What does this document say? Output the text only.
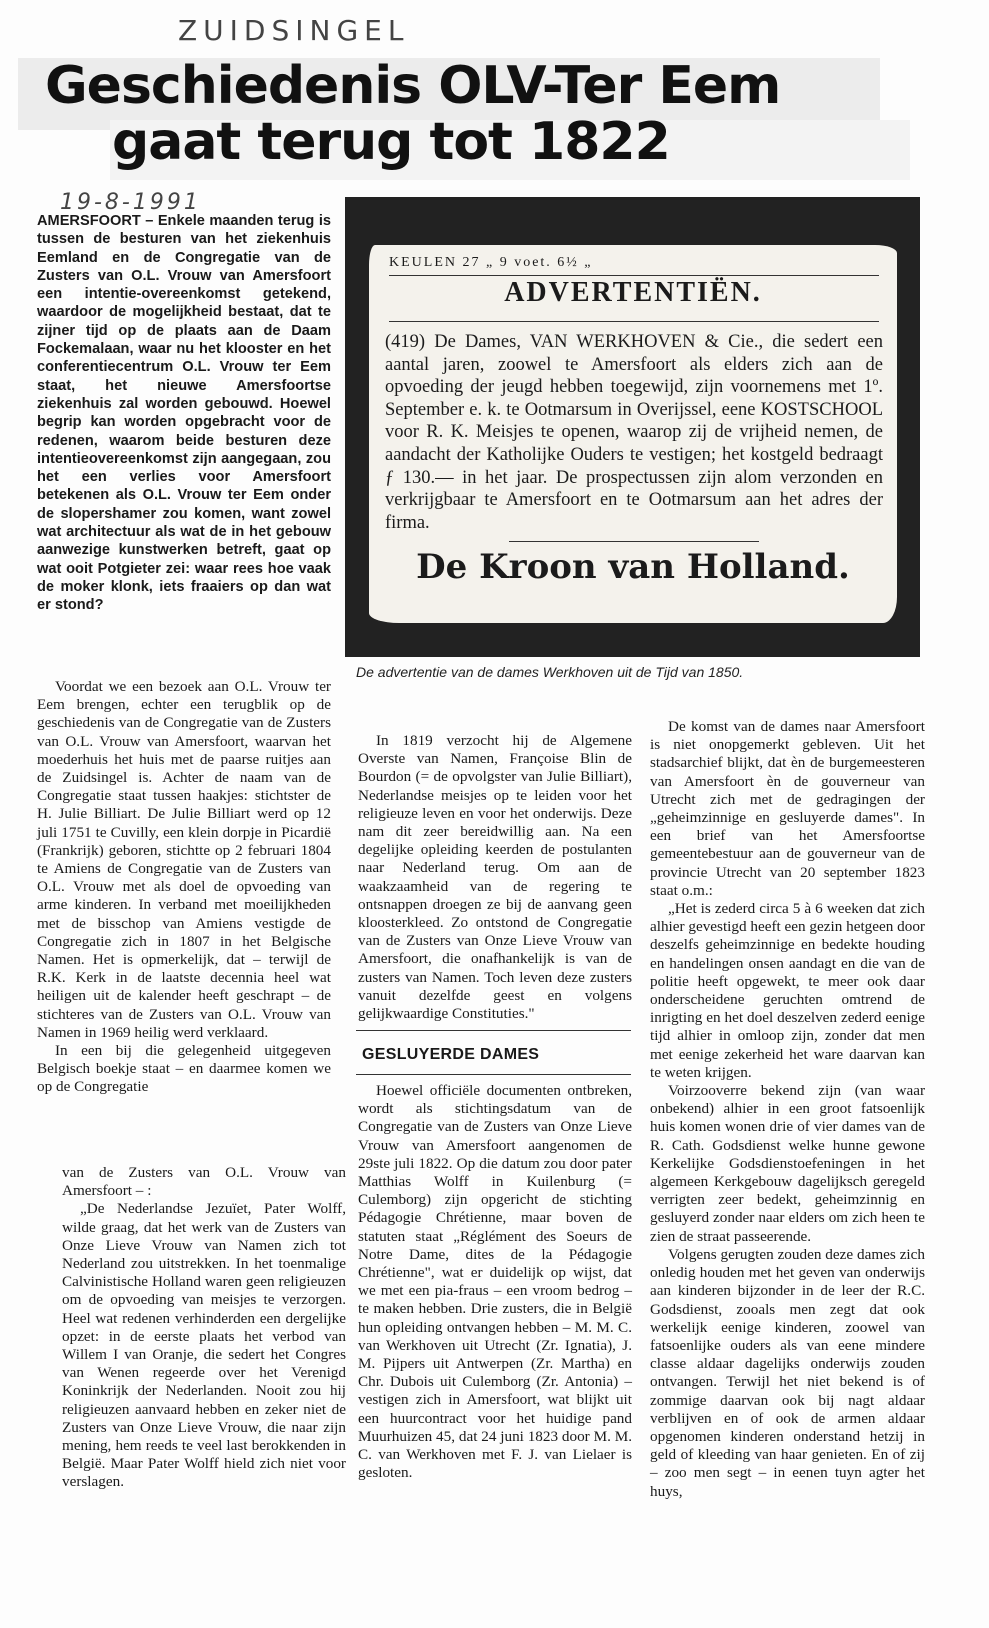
ZUIDSINGEL
Geschiedenis OLV-Ter Eem
gaat terug tot 1822
19-8-1991

AMERSFOORT – Enkele maanden terug is tussen de besturen van het ziekenhuis Eemland en de Congregatie van de Zusters van O.L. Vrouw van Amersfoort een intentie-overeenkomst getekend, waardoor de mogelijkheid bestaat, dat te zijner tijd op de plaats aan de Daam Fockemalaan, waar nu het klooster en het conferentiecentrum O.L. Vrouw ter Eem staat, het nieuwe Amersfoortse ziekenhuis zal worden gebouwd. Hoewel begrip kan worden opgebracht voor de redenen, waarom beide besturen deze intentieovereenkomst zijn aangegaan, zou het een verlies voor Amersfoort betekenen als O.L. Vrouw ter Eem onder de slopershamer zou komen, want zowel wat architectuur als wat de in het gebouw aanwezige kunstwerken betreft, gaat op wat ooit Potgieter zei: waar rees hoe vaak de moker klonk, iets fraaiers op dan wat er stond?

Voordat we een bezoek aan O.L. Vrouw ter Eem brengen, echter een terugblik op de geschiedenis van de Congregatie van de Zusters van O.L. Vrouw van Amersfoort, waarvan het moederhuis het huis met de paarse ruitjes aan de Zuidsingel is. Achter de naam van de Congregatie staat tussen haakjes: stichtster de H. Julie Billiart. De Julie Billiart werd op 12 juli 1751 te Cuvilly, een klein dorpje in Picardië (Frankrijk) geboren, stichtte op 2 februari 1804 te Amiens de Congregatie van de Zusters van O.L. Vrouw met als doel de opvoeding van arme kinderen. In verband met moeilijkheden met de bisschop van Amiens vestigde de Congregatie zich in 1807 in het Belgische Namen. Het is opmerkelijk, dat – terwijl de R.K. Kerk in de laatste decennia heel wat heiligen uit de kalender heeft geschrapt – de stichteres van de Zusters van O.L. Vrouw van Namen in 1969 heilig werd verklaard.

In een bij die gelegenheid uitgegeven Belgisch boekje staat – en daarmee komen we op de Congregatie

van de Zusters van O.L. Vrouw van Amersfoort – :

„De Nederlandse Jezuïet, Pater Wolff, wilde graag, dat het werk van de Zusters van Onze Lieve Vrouw van Namen zich tot Nederland zou uitstrekken. In het toenmalige Calvinistische Holland waren geen religieuzen om de opvoeding van meisjes te verzorgen. Heel wat redenen verhinderden een dergelijke opzet: in de eerste plaats het verbod van Willem I van Oranje, die sedert het Congres van Wenen regeerde over het Verenigd Koninkrijk der Nederlanden. Nooit zou hij religieuzen aanvaard hebben en zeker niet de Zusters van Onze Lieve Vrouw, die naar zijn mening, hem reeds te veel last berokkenden in België. Maar Pater Wolff hield zich niet voor verslagen.

KEULEN 27 „ 9 voet. 6½ „
ADVERTENTIËN.
(419) De Dames, VAN WERKHOVEN & Cie., die sedert een aantal jaren, zoowel te Amersfoort als elders zich aan de opvoeding der jeugd hebben toegewijd, zijn voornemens met 1º. September e. k. te Ootmarsum in Overijssel, eene KOSTSCHOOL voor R. K. Meisjes te openen, waarop zij de vrijheid nemen, de aandacht der Katholijke Ouders te vestigen; het kostgeld bedraagt ƒ 130.— in het jaar. De prospectussen zijn alom verzonden en verkrijgbaar te Amersfoort en te Ootmarsum aan het adres der firma.
De Kroon van Holland.
De advertentie van de dames Werkhoven uit de Tijd van 1850.

In 1819 verzocht hij de Algemene Overste van Namen, Françoise Blin de Bourdon (= de opvolgster van Julie Billiart), Nederlandse meisjes op te leiden voor het religieuze leven en voor het onderwijs. Deze nam dit zeer bereidwillig aan. Na een degelijke opleiding keerden de postulanten naar Nederland terug. Om aan de waakzaamheid van de regering te ontsnappen droegen ze bij de aanvang geen kloosterkleed. Zo ontstond de Congregatie van de Zusters van Onze Lieve Vrouw van Amersfoort, die onafhankelijk is van de zusters van Namen. Toch leven deze zusters vanuit dezelfde geest en volgens gelijkwaardige Constituties."

GESLUYERDE DAMES

Hoewel officiële documenten ontbreken, wordt als stichtingsdatum van de Congregatie van de Zusters van Onze Lieve Vrouw van Amersfoort aangenomen de 29ste juli 1822. Op die datum zou door pater Matthias Wolff in Kuilenburg (= Culemborg) zijn opgericht de stichting Pédagogie Chrétienne, maar boven de statuten staat „Réglément des Soeurs de Notre Dame, dites de la Pédagogie Chrétienne", wat er duidelijk op wijst, dat we met een pia-fraus – een vroom bedrog – te maken hebben. Drie zusters, die in België hun opleiding ontvangen hebben – M. M. C. van Werkhoven uit Utrecht (Zr. Ignatia), J. M. Pijpers uit Antwerpen (Zr. Martha) en Chr. Dubois uit Culemborg (Zr. Antonia) – vestigen zich in Amersfoort, wat blijkt uit een huurcontract voor het huidige pand Muurhuizen 45, dat 24 juni 1823 door M. M. C. van Werkhoven met F. J. van Lielaer is gesloten.

De komst van de dames naar Amersfoort is niet onopgemerkt gebleven. Uit het stadsarchief blijkt, dat èn de burgemeesteren van Amersfoort èn de gouverneur van Utrecht zich met de gedragingen der „geheimzinnige en gesluyerde dames". In een brief van het Amersfoortse gemeentebestuur aan de gouverneur van de provincie Utrecht van 20 september 1823 staat o.m.:

„Het is zederd circa 5 à 6 weeken dat zich alhier gevestigd heeft een gezin hetgeen door deszelfs geheimzinnige en bedekte houding en handelingen onsen aandagt en die van de politie heeft opgewekt, te meer ook daar onderscheidene geruchten omtrend de inrigting en het doel deszelven zederd eenige tijd alhier in omloop zijn, zonder dat men met eenige zekerheid het ware daarvan kan te weten krijgen.

Voirzooverre bekend zijn (van waar onbekend) alhier in een groot fatsoenlijk huis komen wonen drie of vier dames van de R. Cath. Godsdienst welke hunne gewone Kerkelijke Godsdienstoefeningen in het algemeen Kerkgebouw dagelijksch geregeld verrigten zeer bedekt, geheimzinnig en gesluyerd zonder naar elders om zich heen te zien de straat passeerende.

Volgens gerugten zouden deze dames zich onledig houden met het geven van onderwijs aan kinderen bijzonder in de leer der R.C. Godsdienst, zooals men zegt dat ook werkelijk eenige kinderen, zoowel van fatsoenlijke ouders als van eene mindere classe aldaar dagelijks onderwijs zouden ontvangen. Terwijl het niet bekend is of zommige daarvan ook bij nagt aldaar verblijven en of ook de armen aldaar opgenomen kinderen onderstand hetzij in geld of kleeding van haar genieten. En of zij – zoo men segt – in eenen tuyn agter het huys,
